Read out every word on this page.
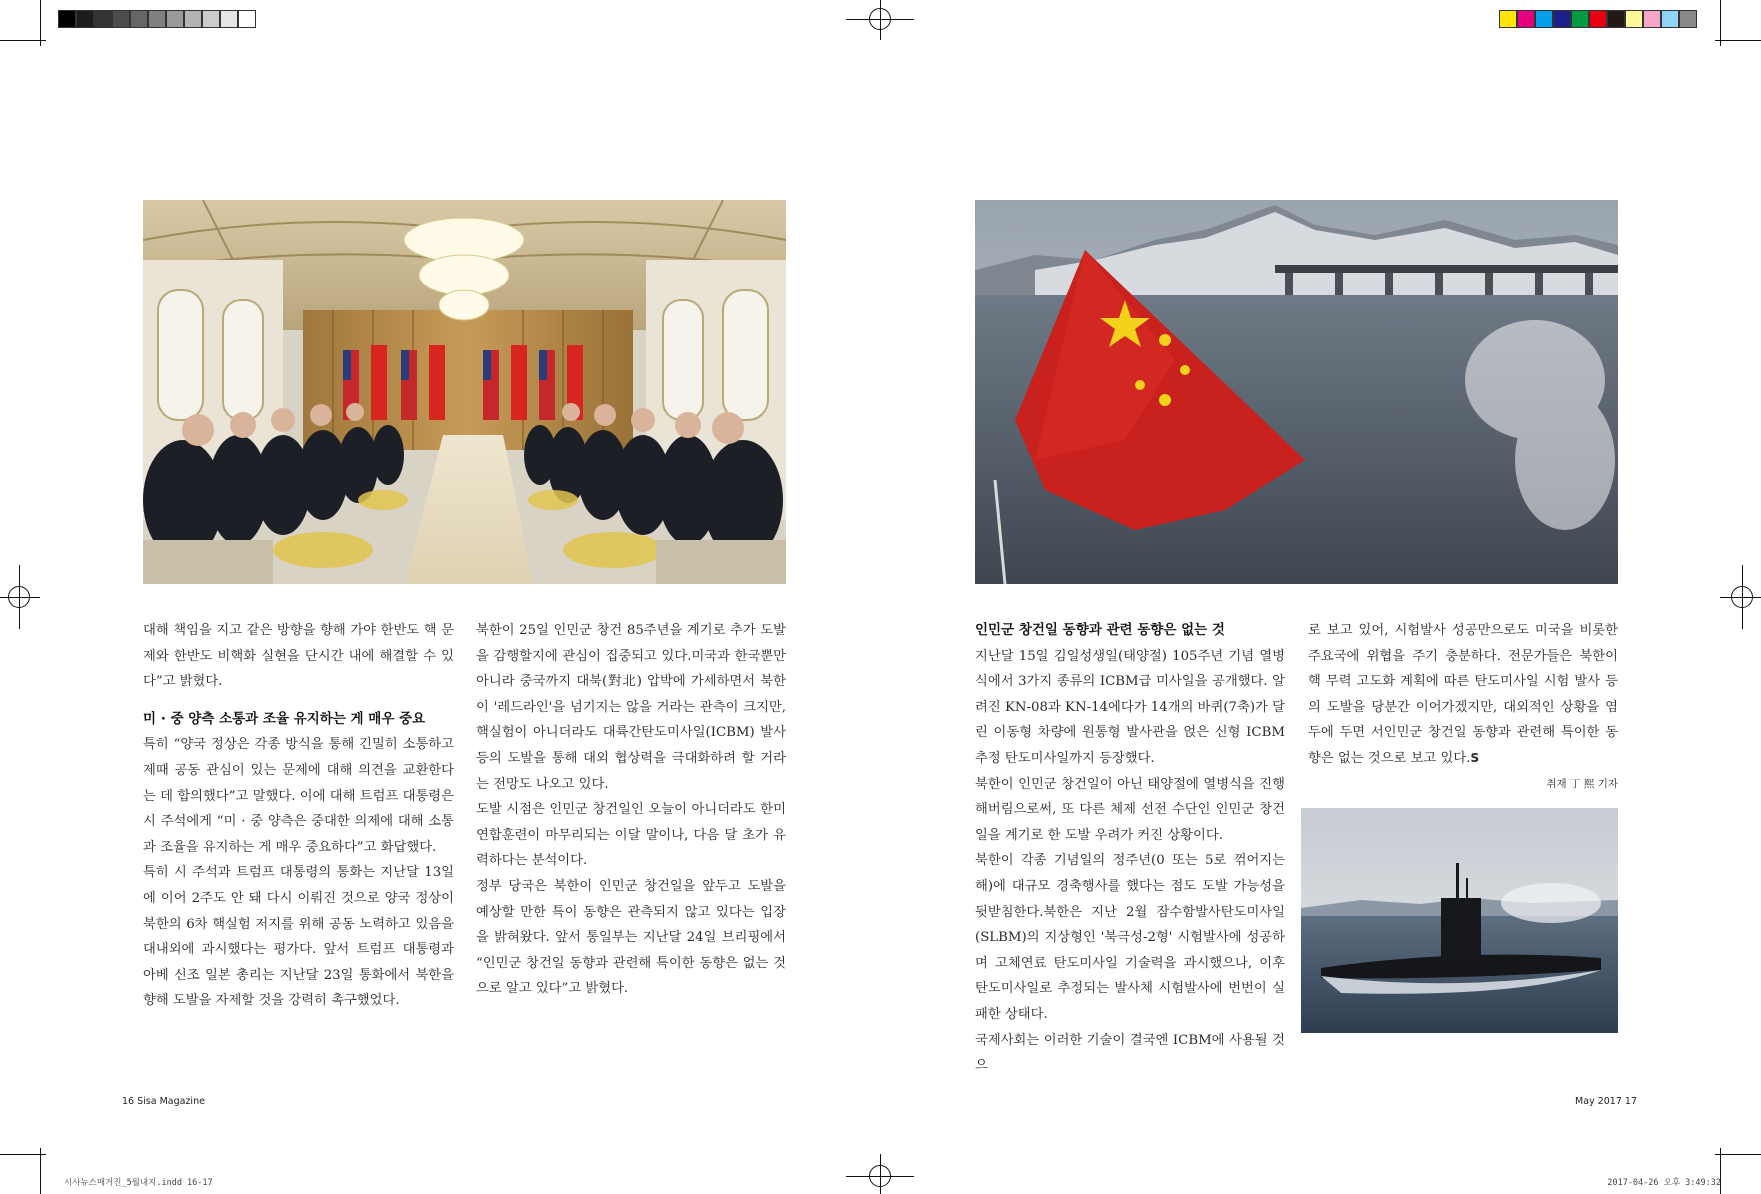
대해 책임을 지고 같은 방향을 향해 가야 한반도 핵 문제와 한반도 비핵화 실현을 단시간 내에 해결할 수 있다”고 밝혔다.

미 · 중 양측 소통과 조율 유지하는 게 매우 중요

특히 “양국 정상은 각종 방식을 통해 긴밀히 소통하고 제때 공동 관심이 있는 문제에 대해 의견을 교환한다는 데 합의했다”고 말했다. 이에 대해 트럼프 대통령은 시 주석에게 “미 · 중 양측은 중대한 의제에 대해 소통과 조율을 유지하는 게 매우 중요하다”고 화답했다.

특히 시 주석과 트럼프 대통령의 통화는 지난달 13일에 이어 2주도 안 돼 다시 이뤄진 것으로 양국 정상이 북한의 6차 핵실험 저지를 위해 공동 노력하고 있음을 대내외에 과시했다는 평가다. 앞서 트럼프 대통령과 아베 신조 일본 총리는 지난달 23일 통화에서 북한을 향해 도발을 자제할 것을 강력히 촉구했었다.

북한이 25일 인민군 창건 85주년을 계기로 추가 도발을 감행할지에 관심이 집중되고 있다.미국과 한국뿐만 아니라 중국까지 대북(對北) 압박에 가세하면서 북한이 '레드라인'을 넘기지는 않을 거라는 관측이 크지만, 핵실험이 아니더라도 대륙간탄도미사일(ICBM) 발사 등의 도발을 통해 대외 협상력을 극대화하려 할 거라는 전망도 나오고 있다.

도발 시점은 인민군 창건일인 오늘이 아니더라도 한미연합훈련이 마무리되는 이달 말이나, 다음 달 초가 유력하다는 분석이다.

정부 당국은 북한이 인민군 창건일을 앞두고 도발을 예상할 만한 특이 동향은 관측되지 않고 있다는 입장을 밝혀왔다. 앞서 통일부는 지난달 24일 브리핑에서 “인민군 창건일 동향과 관련해 특이한 동향은 없는 것으로 알고 있다”고 밝혔다.

인민군 창건일 동향과 관련 동향은 없는 것

지난달 15일 김일성생일(태양절) 105주년 기념 열병식에서 3가지 종류의 ICBM급 미사일을 공개했다. 알려진 KN-08과 KN-14에다가 14개의 바퀴(7축)가 달린 이동형 차량에 원통형 발사관을 얹은 신형 ICBM 추정 탄도미사일까지 등장했다.

북한이 인민군 창건일이 아닌 태양절에 열병식을 진행해버림으로써, 또 다른 체제 선전 수단인 인민군 창건일을 계기로 한 도발 우려가 커진 상황이다.

북한이 각종 기념일의 정주년(0 또는 5로 꺾어지는 해)에 대규모 경축행사를 했다는 점도 도발 가능성을 뒷받침한다.북한은 지난 2월 잠수함발사탄도미사일(SLBM)의 지상형인 '북극성-2형' 시험발사에 성공하며 고체연료 탄도미사일 기술력을 과시했으나, 이후 탄도미사일로 추정되는 발사체 시험발사에 번번이 실패한 상태다.

국제사회는 이러한 기술이 결국엔 ICBM에 사용될 것으

로 보고 있어, 시험발사 성공만으로도 미국을 비롯한 주요국에 위협을 주기 충분하다. 전문가들은 북한이 핵 무력 고도화 계획에 따른 탄도미사일 시험 발사 등의 도발을 당분간 이어가겠지만, 대외적인 상황을 염두에 두면 서인민군 창건일 동향과 관련해 특이한 동향은 없는 것으로 보고 있다.S

취재 丁 熙 기자

16 Sisa Magazine	May 2017 17
시사뉴스매거진_5월내지.indd 16-17	2017-04-26 오후 3:49:32
